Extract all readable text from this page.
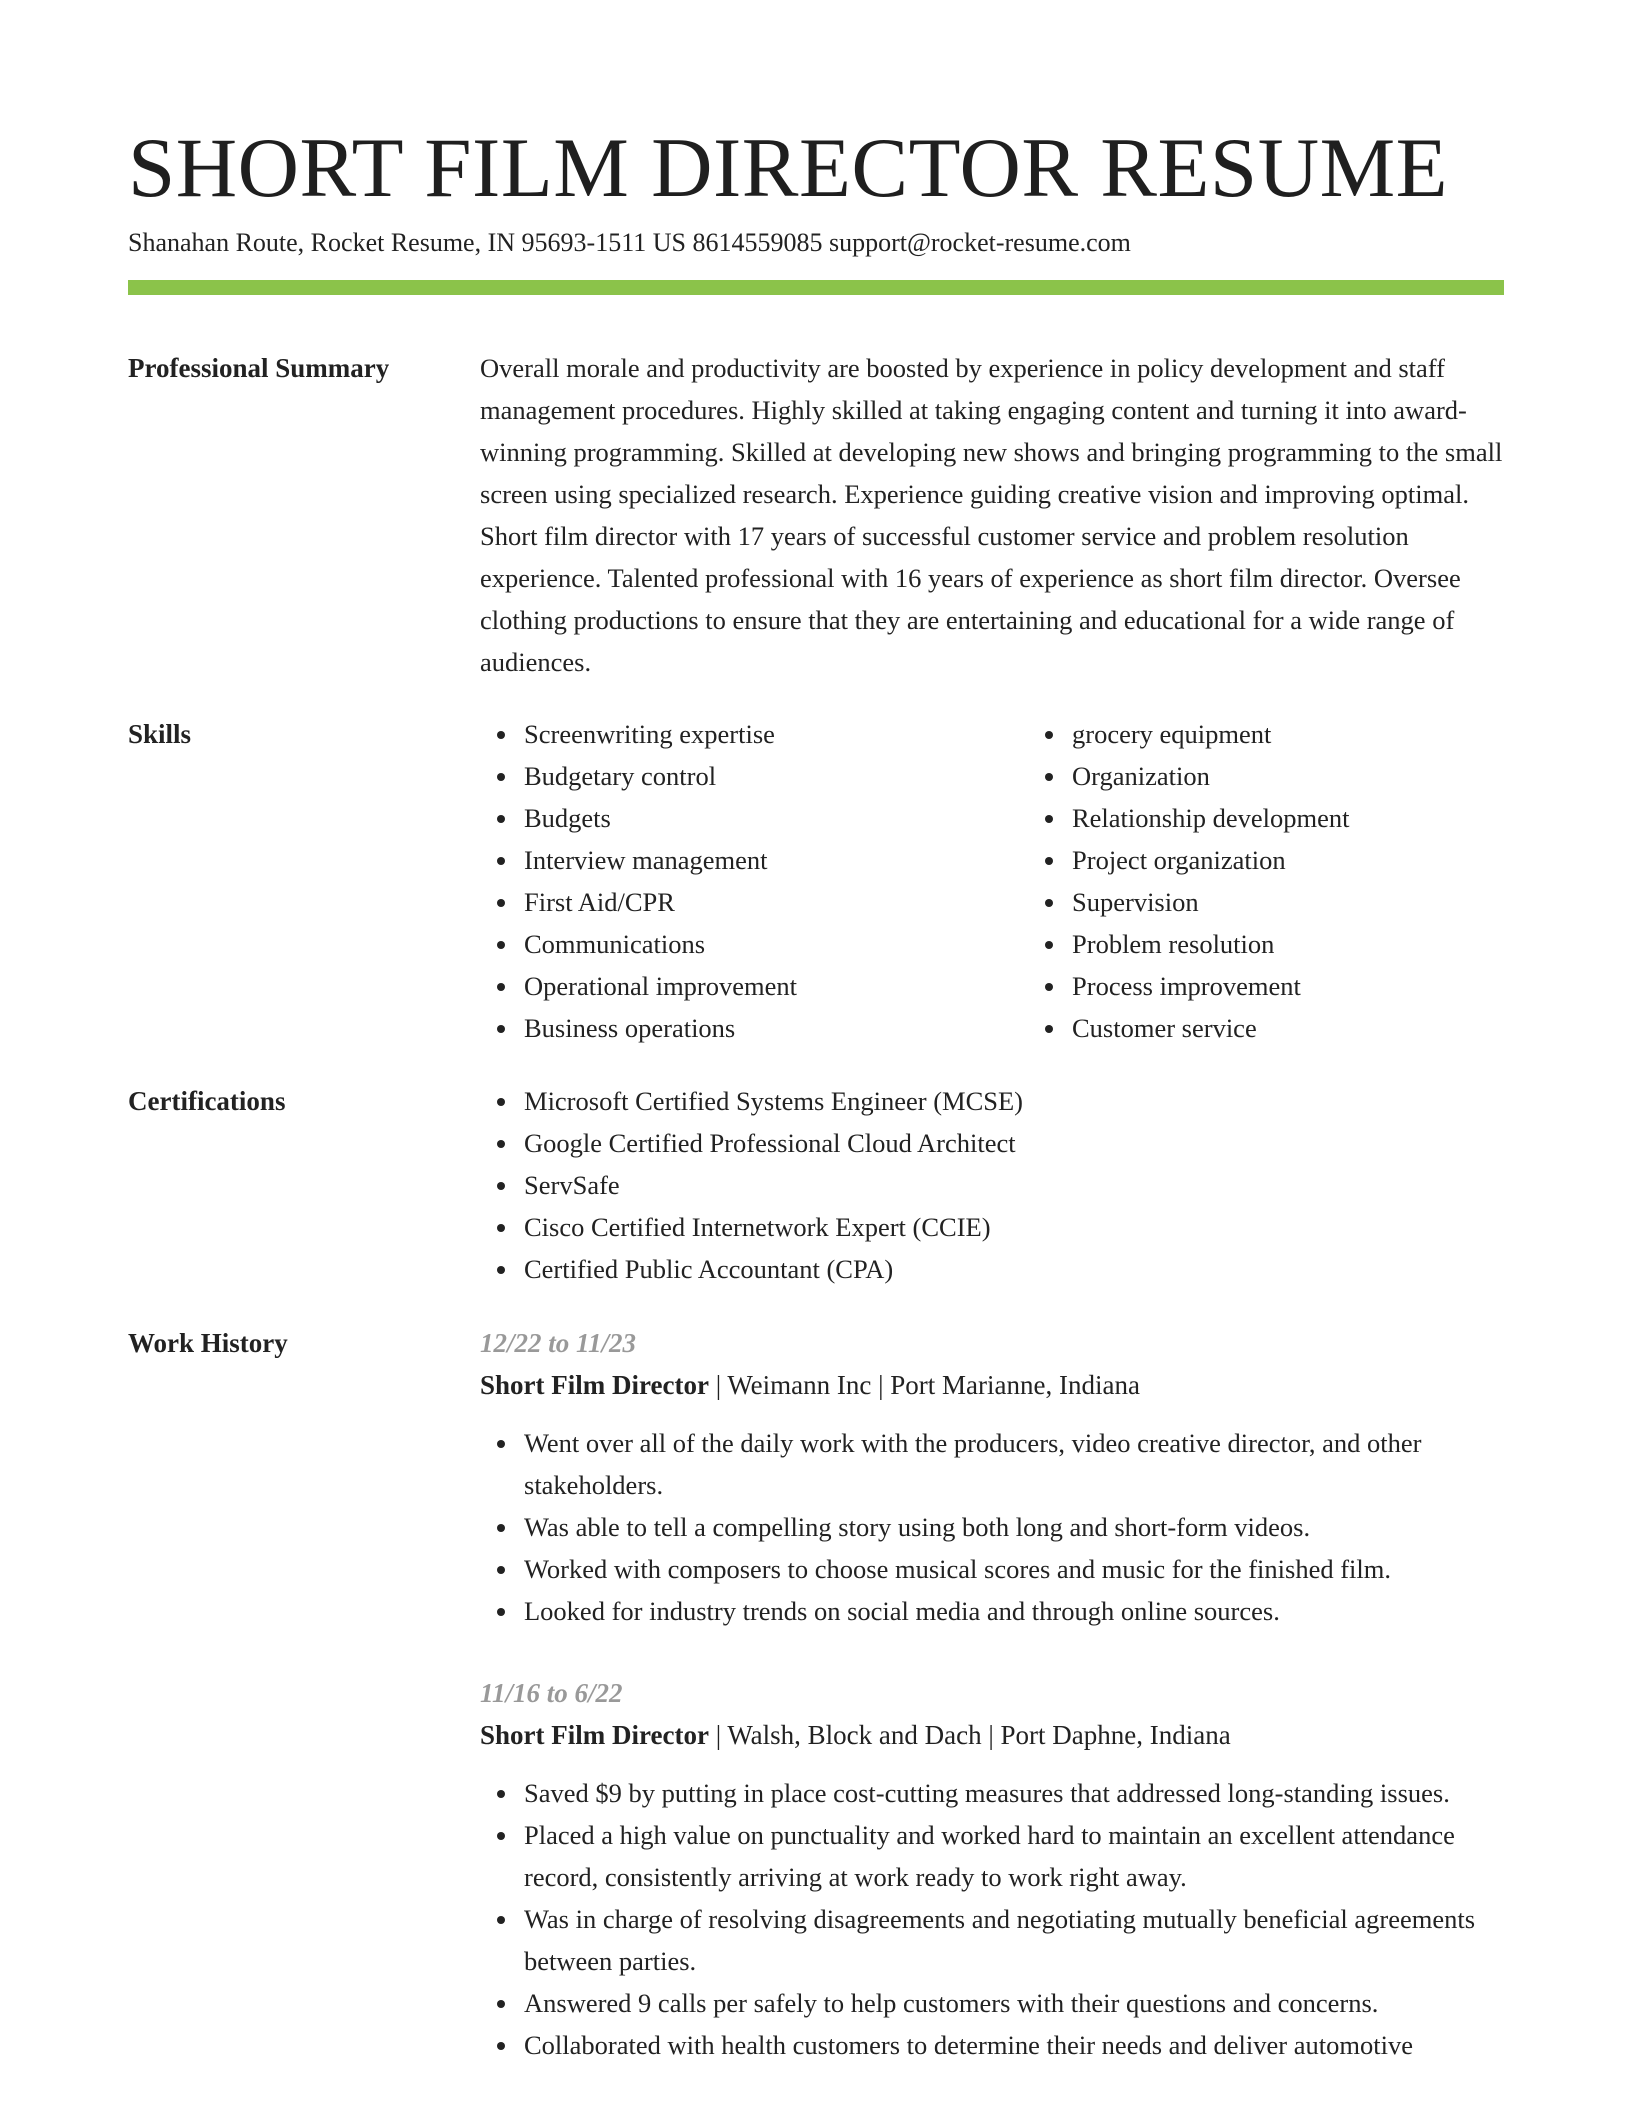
SHORT FILM DIRECTOR RESUME
Shanahan Route, Rocket Resume, IN 95693-1511 US 8614559085 support@rocket-resume.com
Professional Summary	Overall morale and productivity are boosted by experience in policy development and staff management procedures. Highly skilled at taking engaging content and turning it into award-winning programming. Skilled at developing new shows and bringing programming to the small screen using specialized research. Experience guiding creative vision and improving optimal. Short film director with 17 years of successful customer service and problem resolution experience. Talented professional with 16 years of experience as short film director. Oversee clothing productions to ensure that they are entertaining and educational for a wide range of audiences.

Skills	Screenwriting expertise
Budgetary control
Budgets
Interview management
First Aid/CPR
Communications
Operational improvement
Business operations
grocery equipment
Organization
Relationship development
Project organization
Supervision
Problem resolution
Process improvement
Customer service
Certifications	Microsoft Certified Systems Engineer (MCSE)
Google Certified Professional Cloud Architect
ServSafe
Cisco Certified Internetwork Expert (CCIE)
Certified Public Accountant (CPA)
Work History	12/22 to 11/23
Short Film Director | Weimann Inc | Port Marianne, Indiana
Went over all of the daily work with the producers, video creative director, and other stakeholders.
Was able to tell a compelling story using both long and short-form videos.
Worked with composers to choose musical scores and music for the finished film.
Looked for industry trends on social media and through online sources.
11/16 to 6/22
Short Film Director | Walsh, Block and Dach | Port Daphne, Indiana
Saved $9 by putting in place cost-cutting measures that addressed long-standing issues.
Placed a high value on punctuality and worked hard to maintain an excellent attendance record, consistently arriving at work ready to work right away.
Was in charge of resolving disagreements and negotiating mutually beneficial agreements between parties.
Answered 9 calls per safely to help customers with their questions and concerns.
Collaborated with health customers to determine their needs and deliver automotive
